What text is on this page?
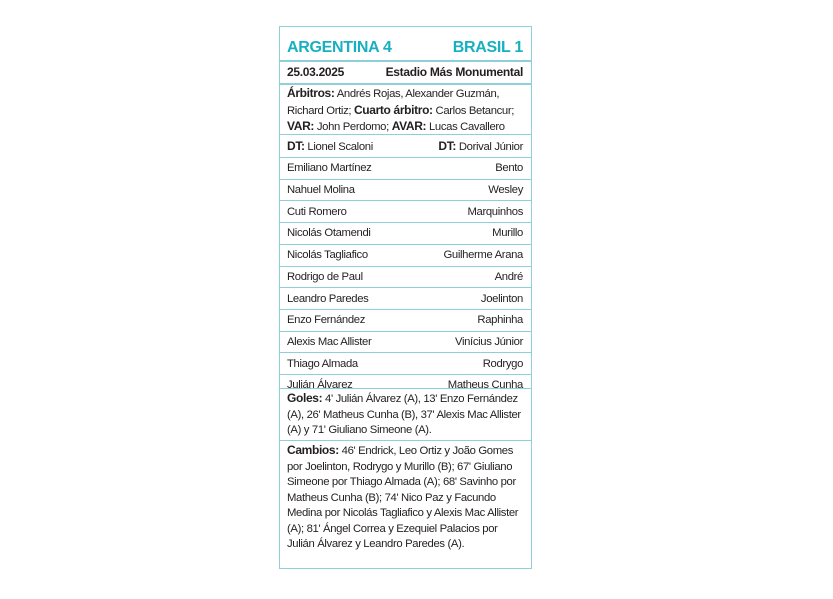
ARGENTINA 4	BRASIL 1
25.03.2025	Estadio Más Monumental
Árbitros: Andrés Rojas, Alexander Guzmán, Richard Ortiz; Cuarto árbitro: Carlos Betancur; VAR: John Perdomo; AVAR: Lucas Cavallero
DT: Lionel Scaloni	DT: Dorival Júnior
Emiliano Martínez	Bento
Nahuel Molina	Wesley
Cuti Romero	Marquinhos
Nicolás Otamendi	Murillo
Nicolás Tagliafico	Guilherme Arana
Rodrigo de Paul	André
Leandro Paredes	Joelinton
Enzo Fernández	Raphinha
Alexis Mac Allister	Vinícius Júnior
Thiago Almada	Rodrygo
Julián Álvarez	Matheus Cunha
Goles: 4' Julián Álvarez (A), 13' Enzo Fernández (A), 26' Matheus Cunha (B), 37' Alexis Mac Allister (A) y 71' Giuliano Simeone (A).
Cambios: 46' Endrick, Leo Ortiz y João Gomes por Joelinton, Rodrygo y Murillo (B); 67' Giuliano Simeone por Thiago Almada (A); 68' Savinho por Matheus Cunha (B); 74' Nico Paz y Facundo Medina por Nicolás Tagliafico y Alexis Mac Allister (A); 81' Ángel Correa y Ezequiel Palacios por Julián Álvarez y Leandro Paredes (A).
